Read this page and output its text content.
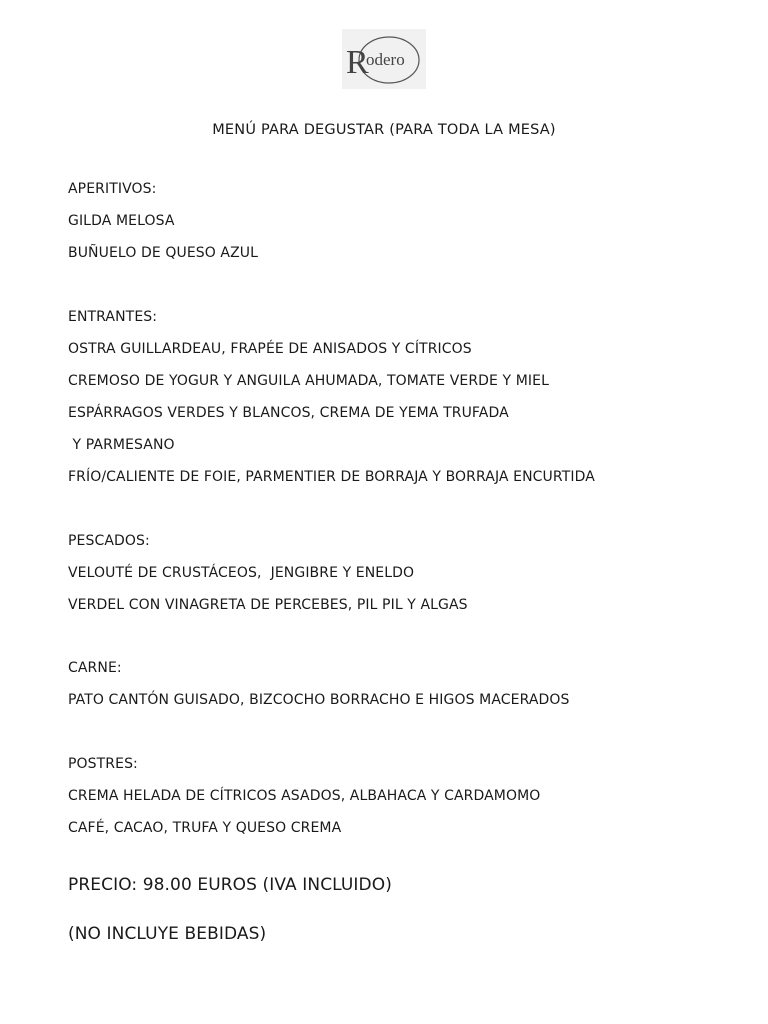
R
odero
MENÚ PARA DEGUSTAR (PARA TODA LA MESA)
APERITIVOS:
GILDA MELOSA
BUÑUELO DE QUESO AZUL
ENTRANTES:
OSTRA GUILLARDEAU, FRAPÉE DE ANISADOS Y CÍTRICOS
CREMOSO DE YOGUR Y ANGUILA AHUMADA, TOMATE VERDE Y MIEL
ESPÁRRAGOS VERDES Y BLANCOS, CREMA DE YEMA TRUFADA
Y PARMESANO
FRÍO/CALIENTE DE FOIE, PARMENTIER DE BORRAJA Y BORRAJA ENCURTIDA
PESCADOS:
VELOUTÉ DE CRUSTÁCEOS,  JENGIBRE Y ENELDO
VERDEL CON VINAGRETA DE PERCEBES, PIL PIL Y ALGAS
CARNE:
PATO CANTÓN GUISADO, BIZCOCHO BORRACHO E HIGOS MACERADOS
POSTRES:
CREMA HELADA DE CÍTRICOS ASADOS, ALBAHACA Y CARDAMOMO
CAFÉ, CACAO, TRUFA Y QUESO CREMA
PRECIO: 98.00 EUROS (IVA INCLUIDO)
(NO INCLUYE BEBIDAS)
